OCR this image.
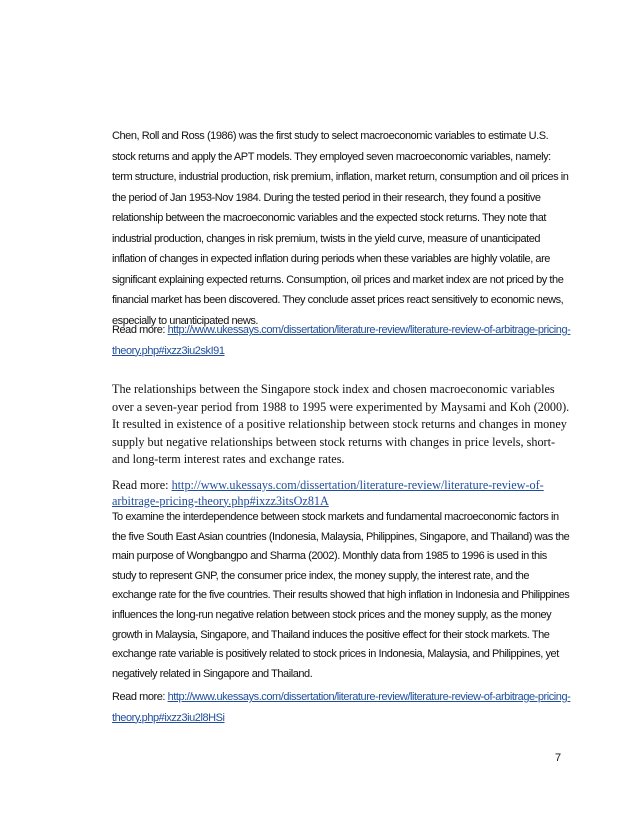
Chen, Roll and Ross (1986) was the first study to select macroeconomic variables to estimate U.S. stock returns and apply the APT models. They employed seven macroeconomic variables, namely: term structure, industrial production, risk premium, inflation, market return, consumption and oil prices in the period of Jan 1953-Nov 1984. During the tested period in their research, they found a positive relationship between the macroeconomic variables and the expected stock returns. They note that industrial production, changes in risk premium, twists in the yield curve, measure of unanticipated inflation of changes in expected inflation during periods when these variables are highly volatile, are significant explaining expected returns. Consumption, oil prices and market index are not priced by the financial market has been discovered. They conclude asset prices react sensitively to economic news, especially to unanticipated news.
Read more: http://www.ukessays.com/dissertation/literature-review/literature-review-of-arbitrage-pricing-theory.php#ixzz3iu2skI91
The relationships between the Singapore stock index and chosen macroeconomic variables over a seven-year period from 1988 to 1995 were experimented by Maysami and Koh (2000). It resulted in existence of a positive relationship between stock returns and changes in money supply but negative relationships between stock returns with changes in price levels, short- and long-term interest rates and exchange rates.
Read more: http://www.ukessays.com/dissertation/literature-review/literature-review-of-arbitrage-pricing-theory.php#ixzz3itsOz81A
To examine the interdependence between stock markets and fundamental macroeconomic factors in the five South East Asian countries (Indonesia, Malaysia, Philippines, Singapore, and Thailand) was the main purpose of Wongbangpo and Sharma (2002). Monthly data from 1985 to 1996 is used in this study to represent GNP, the consumer price index, the money supply, the interest rate, and the exchange rate for the five countries. Their results showed that high inflation in Indonesia and Philippines influences the long-run negative relation between stock prices and the money supply, as the money growth in Malaysia, Singapore, and Thailand induces the positive effect for their stock markets. The exchange rate variable is positively related to stock prices in Indonesia, Malaysia, and Philippines, yet negatively related in Singapore and Thailand.
Read more: http://www.ukessays.com/dissertation/literature-review/literature-review-of-arbitrage-pricing-theory.php#ixzz3iu2l8HSi
7
